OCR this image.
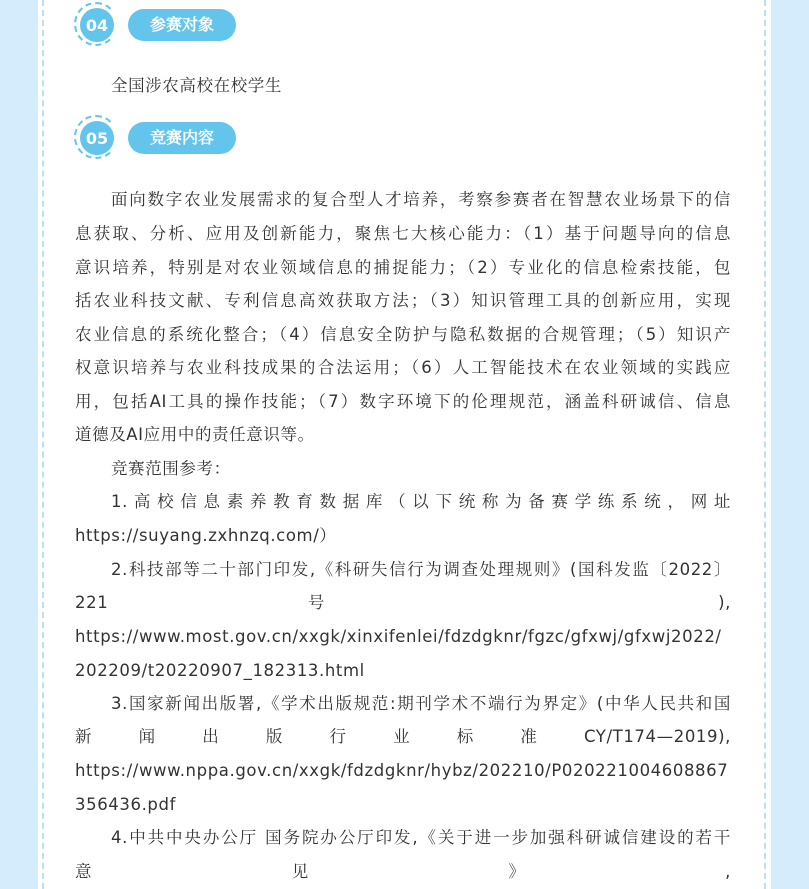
04	参赛对象

全国涉农高校在校学生

05	竞赛内容

面向数字农业发展需求的复合型人才培养，考察参赛者在智慧农业场景下的信

息获取、分析、应用及创新能力，聚焦七大核心能力：（1）基于问题导向的信息

意识培养，特别是对农业领域信息的捕捉能力；（2）专业化的信息检索技能，包

括农业科技文献、专利信息高效获取方法；（3）知识管理工具的创新应用，实现

农业信息的系统化整合；（4）信息安全防护与隐私数据的合规管理；（5）知识产

权意识培养与农业科技成果的合法运用；（6）人工智能技术在农业领域的实践应

用，包括AI工具的操作技能；（7）数字环境下的伦理规范，涵盖科研诚信、信息

道德及AI应用中的责任意识等。

竞赛范围参考：

1. 高 校 信 息 素 养 教 育 数 据 库 （ 以 下 统 称 为 备 赛 学 练 系 统 ， 网 址

https://suyang.zxhnzq.com/）

2.科技部等二十部门印发,《科研失信行为调查处理规则》(国科发监〔2022〕

221 号 ),

https://www.most.gov.cn/xxgk/xinxifenlei/fdzdgknr/fgzc/gfxwj/gfxwj2022/202209/t20220907_182313.html

3.国家新闻出版署,《学术出版规范:期刊学术不端行为界定》(中华人民共和国

新 闻 出 版 行 业 标 准 CY/T174—2019),

https://www.nppa.gov.cn/xxgk/fdzdgknr/hybz/202210/P020221004608867356436.pdf

4.中共中央办公厅 国务院办公厅印发,《关于进一步加强科研诚信建设的若干

意 见 》 ,
